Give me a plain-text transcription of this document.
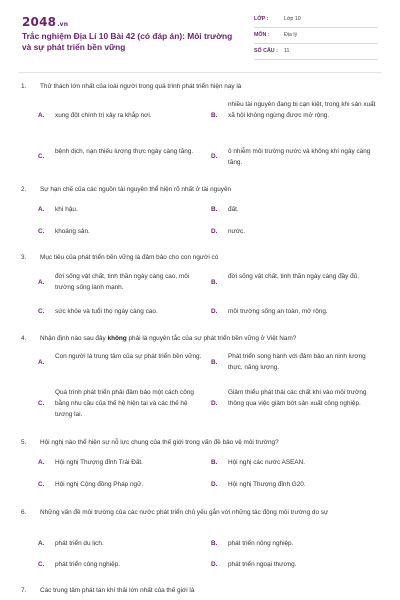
2048.vn
Trắc nghiệm Địa Lí 10 Bài 42 (có đáp án): Môi trường và sự phát triển bền vững
LỚP :	Lớp 10
MÔN :	Địa lý
SỐ CÂU : 11
1. Thử thách lớn nhất của loài người trong quá trình phát triển hiện nay là
A. xung đột chính trị xảy ra khắp nơi.	B.
nhiều tài nguyên đang bị cạn kiệt, trong khi sản xuất xã hội không ngừng được mở rộng.
C.
bệnh dịch, nạn thiếu lương thực ngày càng tăng.
D.
ô nhiễm môi trường nước và không khí ngày càng tăng.
2. Sự hạn chế của các nguồn tài nguyên thể hiện rõ nhất ở tài nguyên
A. khí hậu.	B. đất.
C. khoáng sản.	D. nước.
3. Mục tiêu của phát triển bền vững là đảm bảo cho con người có
A.
đời sống vật chất, tinh thần ngày càng cao, môi trường sống lành mạnh.
B.
đời sống vật chất, tinh thần ngày càng đầy đủ.
C. sức khỏe và tuổi thọ ngày càng cao.	D. môi trường sống an toàn, mở rộng.
4. Nhận định nào sau đây không phải là nguyên tắc của sự phát triển bền vững ở Việt Nam?
A.
Con người là trung tâm của sự phát triển bền vững.
B.
Phát triển song hành với đảm bảo an ninh lương thực, năng lượng.
C.
Quá trình phát triển phải đảm bảo một cách công bằng nhu cầu của thế hệ hiện tại và các thế hệ tương lai.
D.
Giảm thiểu phát thải các chất khí vào môi trường thông qua việc giảm bớt sản xuất công nghiệp.
5. Hội nghị nào thể hiện sự nỗ lực chung của thế giới trong vấn đề bảo vệ môi trường?
A. Hội nghị Thượng đỉnh Trái Đất.	B. Hội nghị các nước ASEAN.
C. Hội nghị Cộng đồng Pháp ngữ.	D. Hội nghị Thượng đỉnh G20.
6. Những vấn đề môi trường của các nước phát triển chủ yếu gắn với những tác động môi trường do sự
A. phát triển du lịch.	B. phát triển nông nghiệp.
C. phát triển công nghiệp.	D. phát triển ngoại thương.
7. Các trung tâm phát tán khí thải lớn nhất của thế giới là
